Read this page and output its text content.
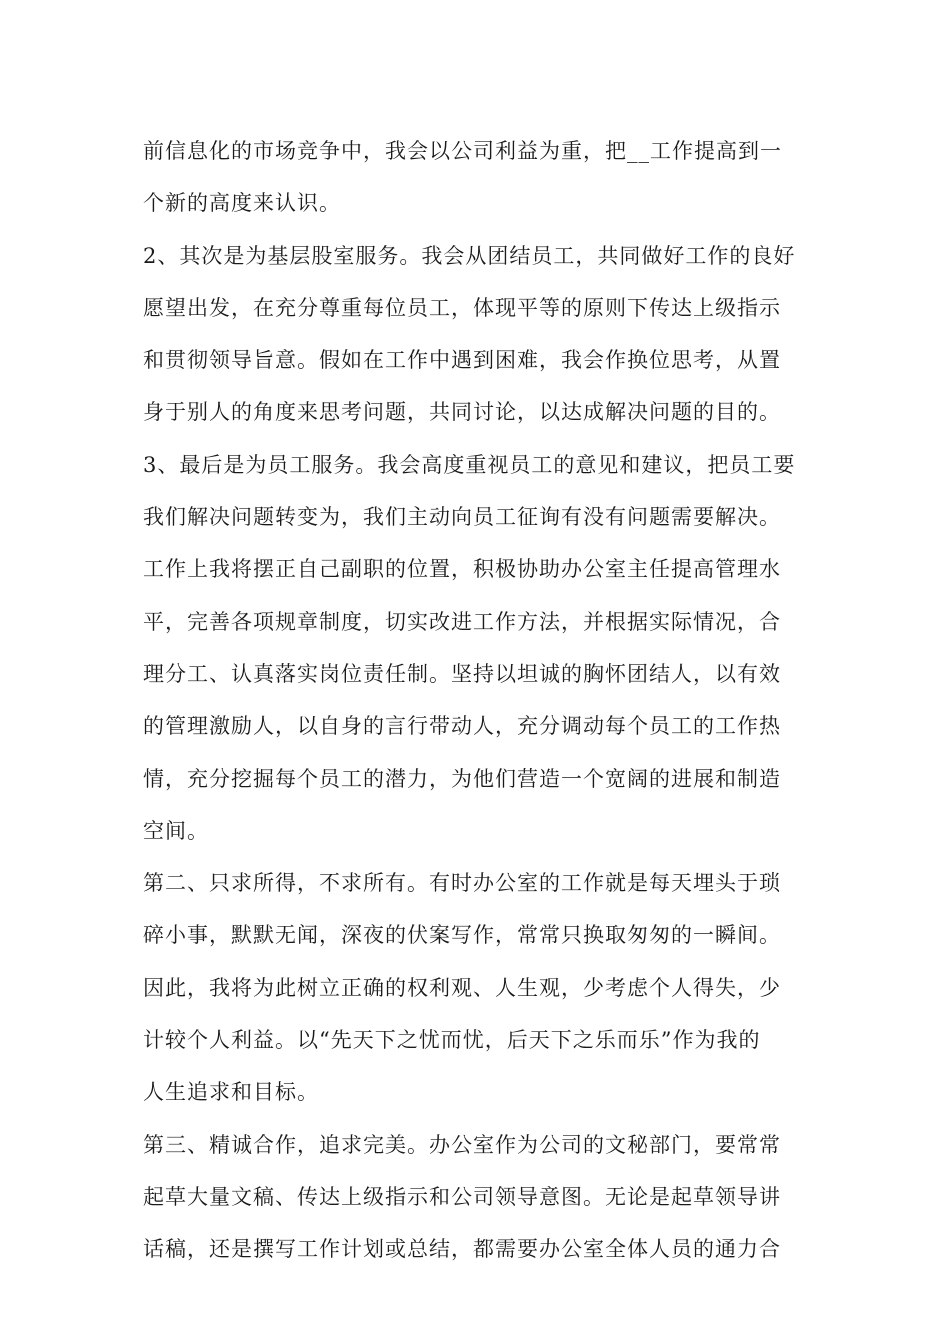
前信息化的市场竞争中，我会以公司利益为重，把__工作提高到一
个新的高度来认识。
2、其次是为基层股室服务。我会从团结员工，共同做好工作的良好
愿望出发，在充分尊重每位员工，体现平等的原则下传达上级指示
和贯彻领导旨意。假如在工作中遇到困难，我会作换位思考，从置
身于别人的角度来思考问题，共同讨论，以达成解决问题的目的。
3、最后是为员工服务。我会高度重视员工的意见和建议，把员工要
我们解决问题转变为，我们主动向员工征询有没有问题需要解决。
工作上我将摆正自己副职的位置，积极协助办公室主任提高管理水
平，完善各项规章制度，切实改进工作方法，并根据实际情况，合
理分工、认真落实岗位责任制。坚持以坦诚的胸怀团结人，以有效
的管理激励人，以自身的言行带动人，充分调动每个员工的工作热
情，充分挖掘每个员工的潜力，为他们营造一个宽阔的进展和制造
空间。
第二、只求所得，不求所有。有时办公室的工作就是每天埋头于琐
碎小事，默默无闻，深夜的伏案写作，常常只换取匆匆的一瞬间。
因此，我将为此树立正确的权利观、人生观，少考虑个人得失，少
计较个人利益。以“先天下之忧而忧，后天下之乐而乐”作为我的
人生追求和目标。
第三、精诚合作，追求完美。办公室作为公司的文秘部门，要常常
起草大量文稿、传达上级指示和公司领导意图。无论是起草领导讲
话稿，还是撰写工作计划或总结，都需要办公室全体人员的通力合
